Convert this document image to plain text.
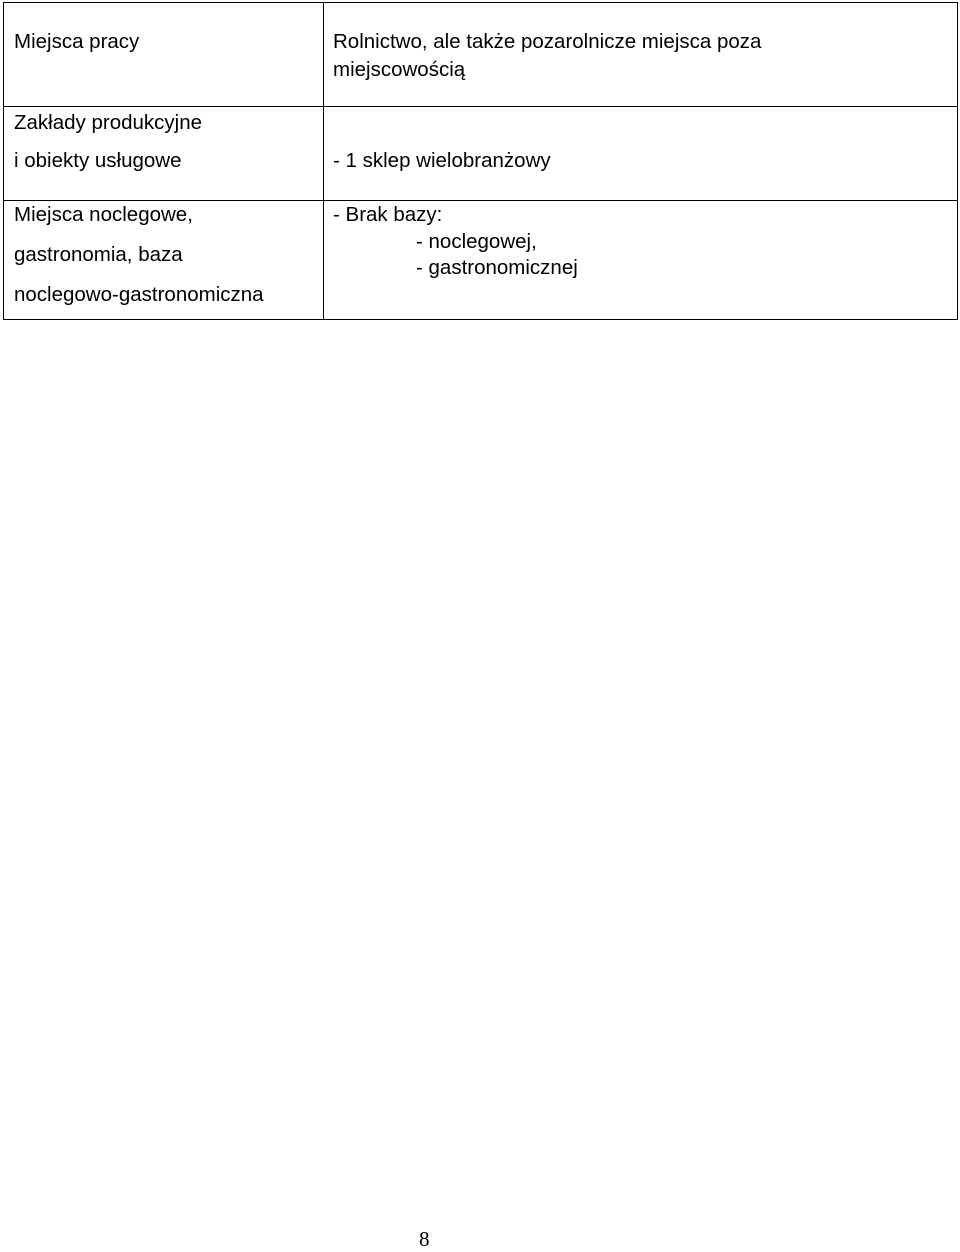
Miejsca pracy	Rolnictwo, ale także pozarolnicze miejsca poza
miejscowością
Zakłady produkcyjne
i obiekty usługowe	- 1 sklep wielobranżowy
Miejsca noclegowe,
gastronomia, baza
noclegowo-gastronomiczna
- Brak bazy:
- noclegowej,
- gastronomicznej
8
